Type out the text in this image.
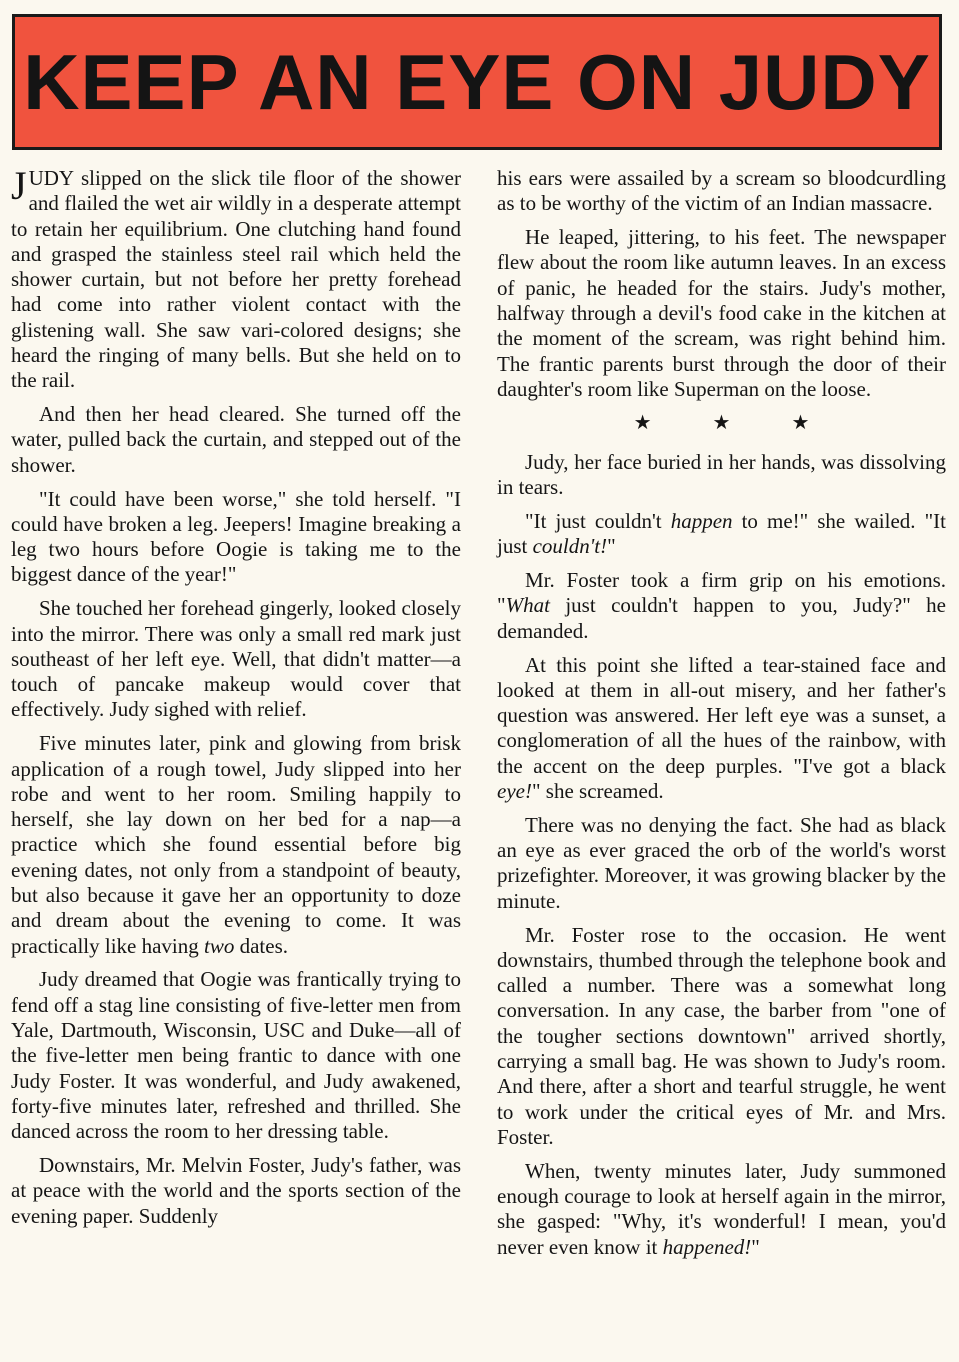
KEEP AN EYE ON JUDY

JUDY slipped on the slick tile floor of the shower and flailed the wet air wildly in a desperate attempt to retain her equilibrium. One clutching hand found and grasped the stainless steel rail which held the shower curtain, but not before her pretty forehead had come into rather violent contact with the glistening wall. She saw vari-colored designs; she heard the ringing of many bells. But she held on to the rail.

And then her head cleared. She turned off the water, pulled back the curtain, and stepped out of the shower.

"It could have been worse," she told herself. "I could have broken a leg. Jeepers! Imagine breaking a leg two hours before Oogie is taking me to the biggest dance of the year!"

She touched her forehead gingerly, looked closely into the mirror. There was only a small red mark just southeast of her left eye. Well, that didn't matter—a touch of pancake makeup would cover that effectively. Judy sighed with relief.

Five minutes later, pink and glowing from brisk application of a rough towel, Judy slipped into her robe and went to her room. Smiling happily to herself, she lay down on her bed for a nap—a practice which she found essential before big evening dates, not only from a standpoint of beauty, but also because it gave her an opportunity to doze and dream about the evening to come. It was practically like having two dates.

Judy dreamed that Oogie was frantically trying to fend off a stag line consisting of five-letter men from Yale, Dartmouth, Wisconsin, USC and Duke—all of the five-letter men being frantic to dance with one Judy Foster. It was wonderful, and Judy awakened, forty-five minutes later, refreshed and thrilled. She danced across the room to her dressing table.

Downstairs, Mr. Melvin Foster, Judy's father, was at peace with the world and the sports section of the evening paper. Suddenly

his ears were assailed by a scream so bloodcurdling as to be worthy of the victim of an Indian massacre.

He leaped, jittering, to his feet. The newspaper flew about the room like autumn leaves. In an excess of panic, he headed for the stairs. Judy's mother, halfway through a devil's food cake in the kitchen at the moment of the scream, was right behind him. The frantic parents burst through the door of their daughter's room like Superman on the loose.

★ ★ ★

Judy, her face buried in her hands, was dissolving in tears.

"It just couldn't happen to me!" she wailed. "It just couldn't!"

Mr. Foster took a firm grip on his emotions. "What just couldn't happen to you, Judy?" he demanded.

At this point she lifted a tear-stained face and looked at them in all-out misery, and her father's question was answered. Her left eye was a sunset, a conglomeration of all the hues of the rainbow, with the accent on the deep purples. "I've got a black eye!" she screamed.

There was no denying the fact. She had as black an eye as ever graced the orb of the world's worst prizefighter. Moreover, it was growing blacker by the minute.

Mr. Foster rose to the occasion. He went downstairs, thumbed through the telephone book and called a number. There was a somewhat long conversation. In any case, the barber from "one of the tougher sections downtown" arrived shortly, carrying a small bag. He was shown to Judy's room. And there, after a short and tearful struggle, he went to work under the critical eyes of Mr. and Mrs. Foster.

When, twenty minutes later, Judy summoned enough courage to look at herself again in the mirror, she gasped: "Why, it's wonderful! I mean, you'd never even know it happened!"
